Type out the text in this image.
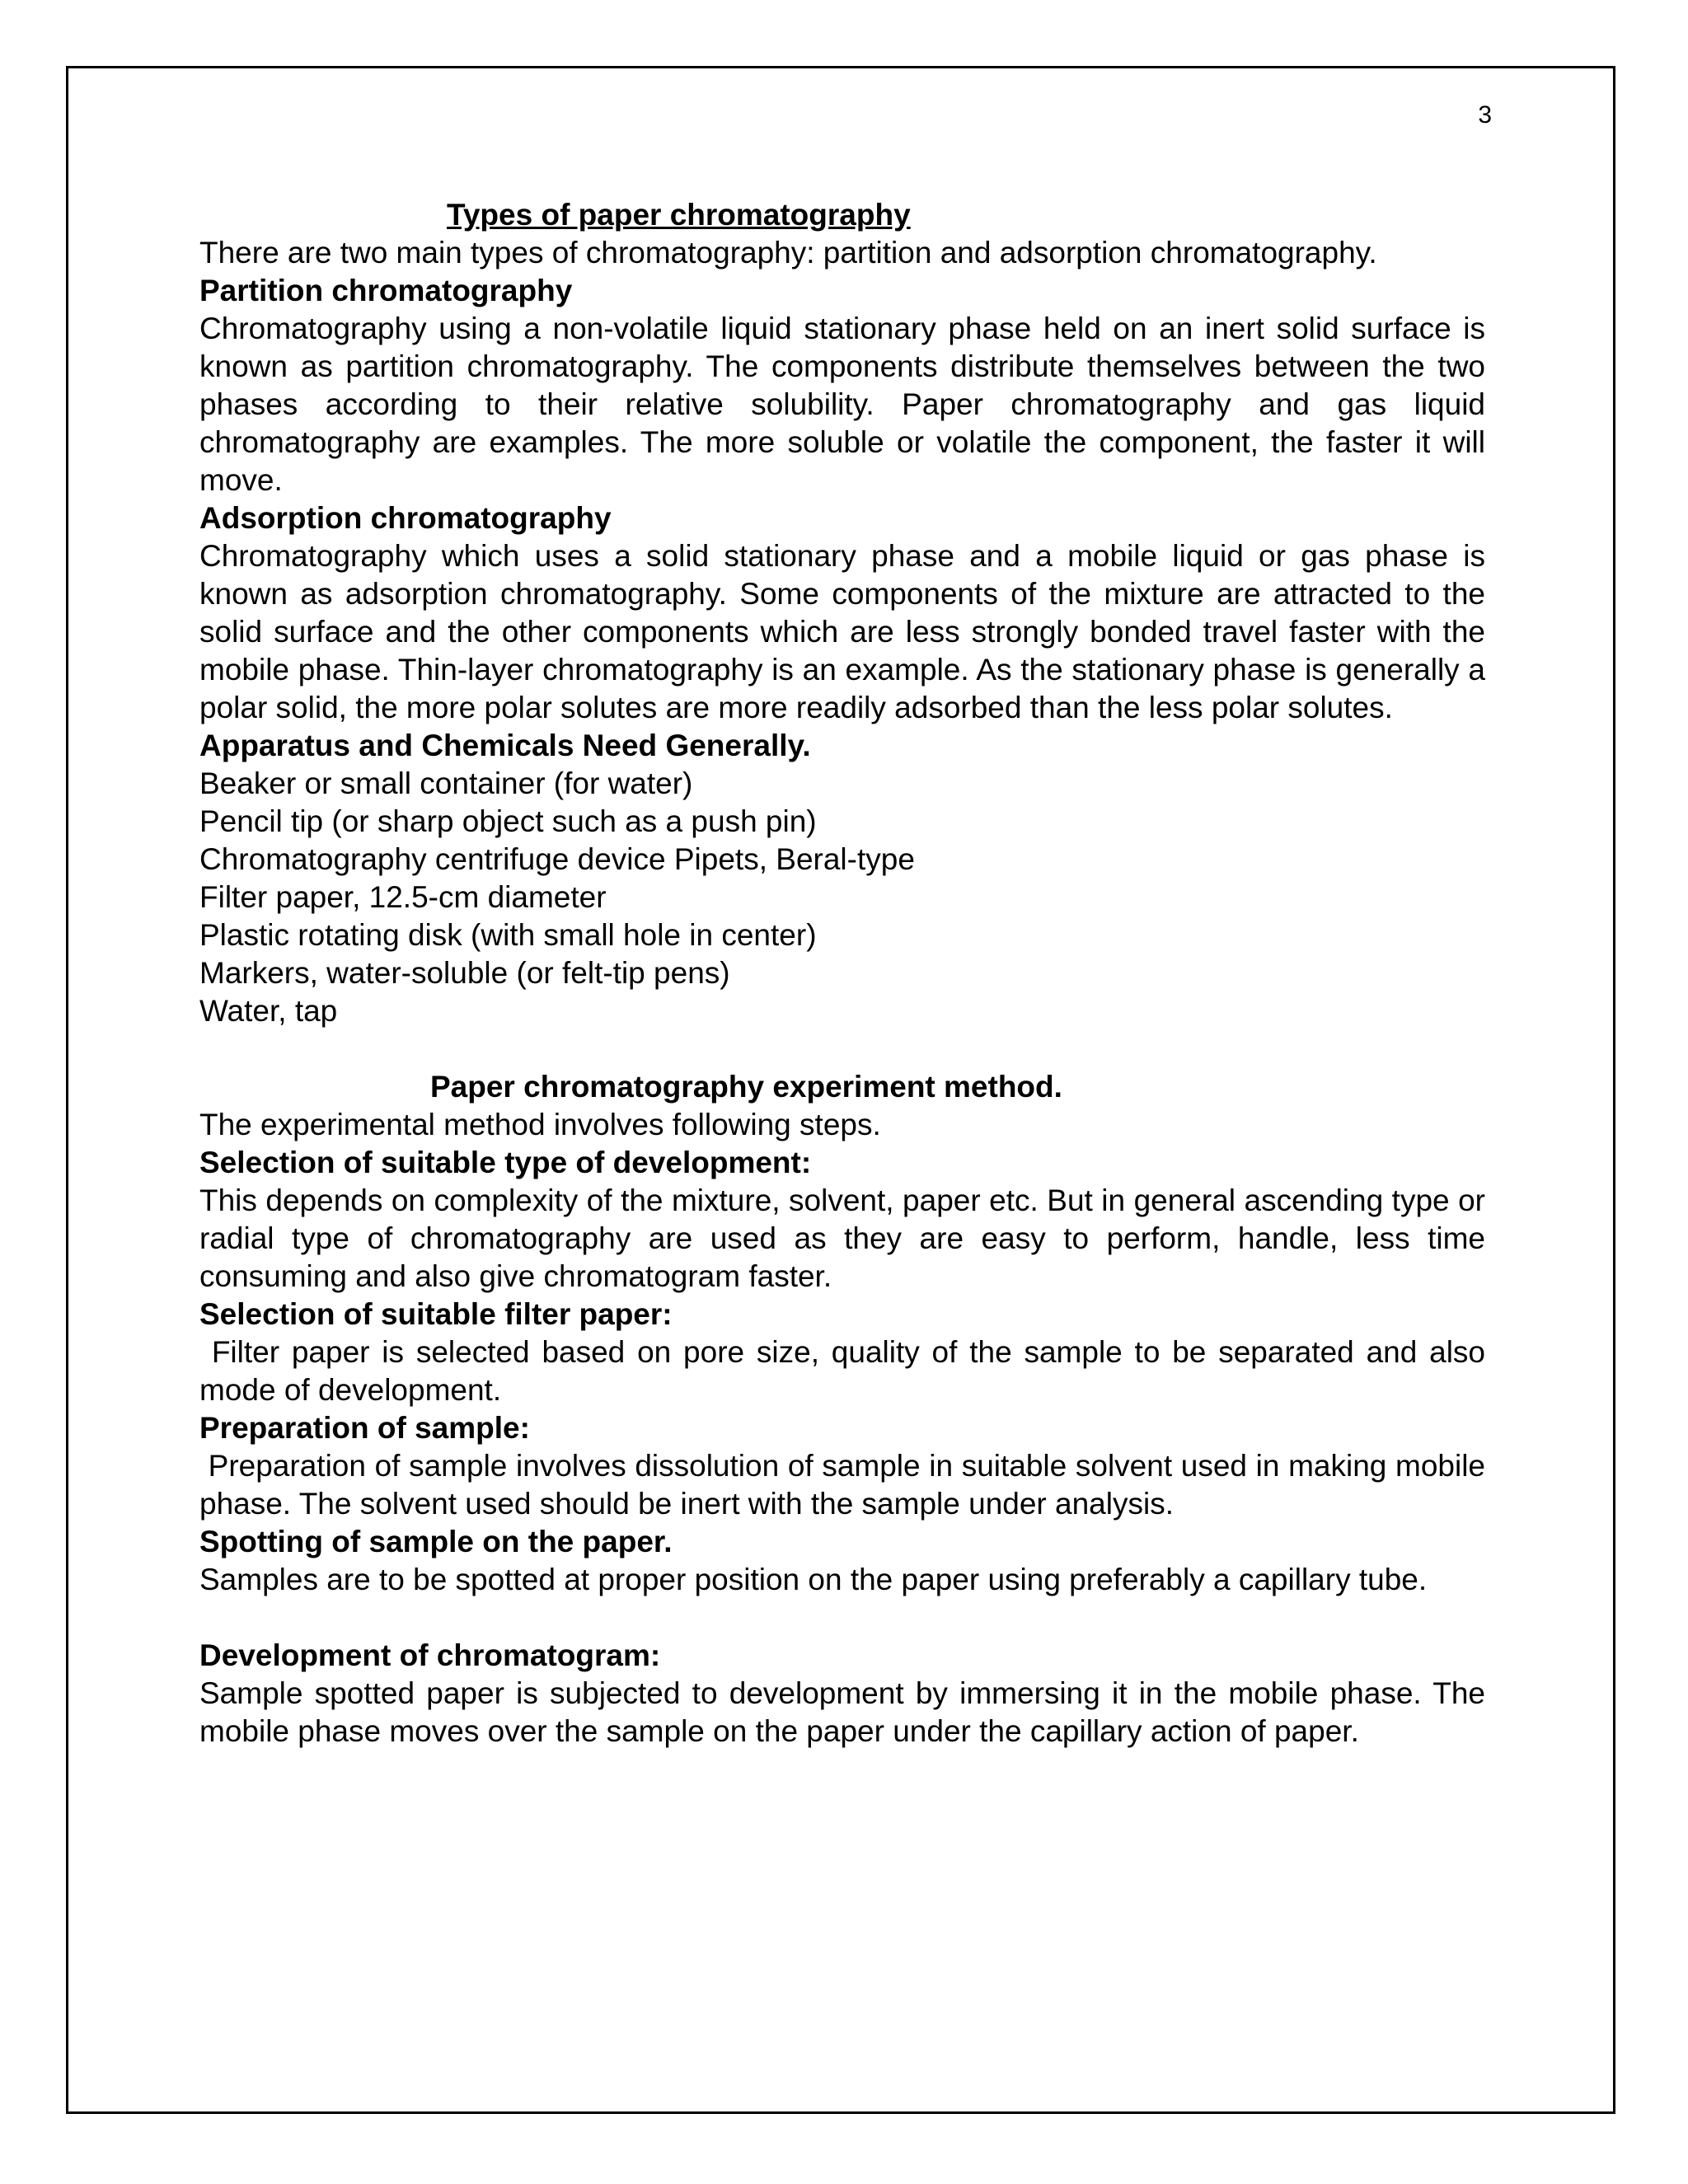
3
Types of paper chromatography
There are two main types of chromatography: partition and adsorption chromatography.
Partition chromatography
Chromatography using a non-volatile liquid stationary phase held on an inert solid surface is known as partition chromatography. The components distribute themselves between the two phases according to their relative solubility. Paper chromatography and gas liquid chromatography are examples. The more soluble or volatile the component, the faster it will move.
Adsorption chromatography
Chromatography which uses a solid stationary phase and a mobile liquid or gas phase is known as adsorption chromatography. Some components of the mixture are attracted to the solid surface and the other components which are less strongly bonded travel faster with the mobile phase. Thin-layer chromatography is an example. As the stationary phase is generally a polar solid, the more polar solutes are more readily adsorbed than the less polar solutes.
Apparatus and Chemicals Need Generally.
Beaker or small container (for water)
Pencil tip (or sharp object such as a push pin)
Chromatography centrifuge device Pipets, Beral-type
Filter paper, 12.5-cm diameter
Plastic rotating disk (with small hole in center)
Markers, water-soluble (or felt-tip pens)
Water, tap
Paper chromatography experiment method.
The experimental method involves following steps.
Selection of suitable type of development:
This depends on complexity of the mixture, solvent, paper etc. But in general ascending type or radial type of chromatography are used as they are easy to perform, handle, less time consuming and also give chromatogram faster.
Selection of suitable filter paper:
Filter paper is selected based on pore size, quality of the sample to be separated and also mode of development.
Preparation of sample:
Preparation of sample involves dissolution of sample in suitable solvent used in making mobile phase. The solvent used should be inert with the sample under analysis.
Spotting of sample on the paper.
Samples are to be spotted at proper position on the paper using preferably a capillary tube.
Development of chromatogram:
Sample spotted paper is subjected to development by immersing it in the mobile phase. The mobile phase moves over the sample on the paper under the capillary action of paper.
